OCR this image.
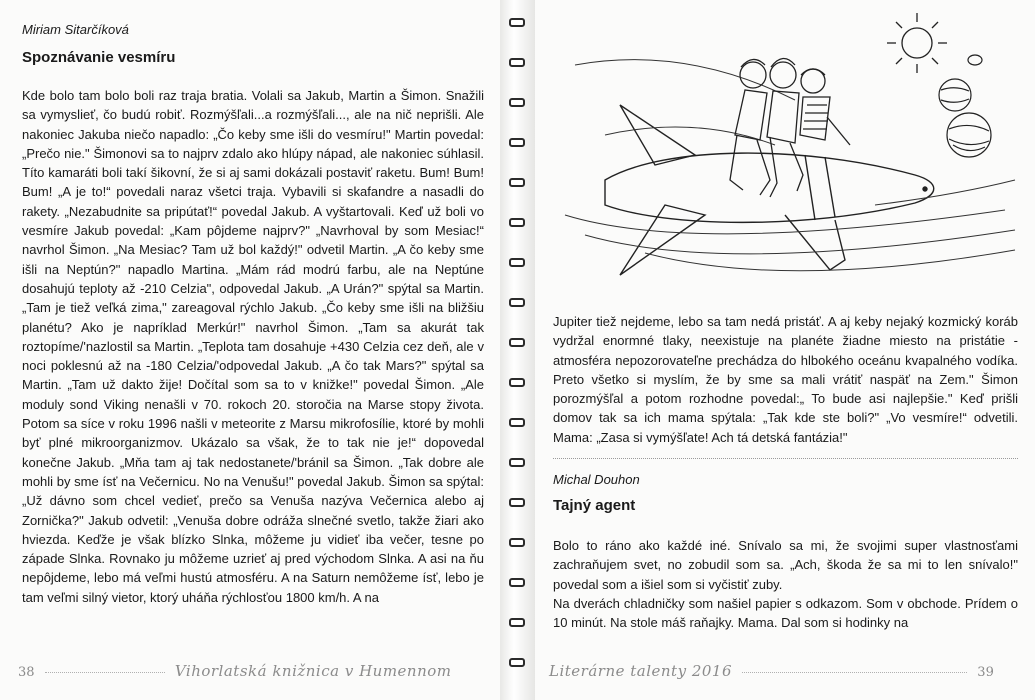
Miriam Sitarčíková
Spoznávanie vesmíru

Kde bolo tam bolo boli raz traja bratia. Volali sa Jakub, Martin a Šimon. Snažili sa vymyslieť, čo budú robiť. Rozmýšľali...a rozmýšľali..., ale na nič neprišli. Ale nakoniec Jakuba niečo napadlo: „Čo keby sme išli do vesmíru!" Martin povedal: „Prečo nie." Šimonovi sa to najprv zdalo ako hlúpy nápad, ale nakoniec súhlasil. Títo kamaráti boli takí šikovní, že si aj sami dokázali postaviť raketu. Bum! Bum! Bum! „A je to!“ povedali naraz všetci traja. Vybavili si skafandre a nasadli do rakety. „Nezabudnite sa pripútať!“ povedal Jakub. A vyštartovali. Keď už boli vo vesmíre Jakub povedal: „Kam pôjdeme najprv?" „Navrhoval by som Mesiac!“ navrhol Šimon. „Na Mesiac? Tam už bol každý!" odvetil Martin. „A čo keby sme išli na Neptún?" napadlo Martina. „Mám rád modrú farbu, ale na Neptúne dosahujú teploty až -210 Celzia", odpovedal Jakub. „A Urán?" spýtal sa Martin. „Tam je tiež veľká zima," zareagoval rýchlo Jakub. „Čo keby sme išli na bližšiu planétu? Ako je napríklad Merkúr!" navrhol Šimon. „Tam sa akurát tak roztopíme/'nazlostil sa Martin. „Teplota tam dosahuje +430 Celzia cez deň, ale v noci poklesnú až na -180 Celzia/'odpovedal Jakub. „A čo tak Mars?" spýtal sa Martin. „Tam už dakto žije! Dočítal som sa to v knižke!" povedal Šimon. „Ale moduly sond Viking nenašli v 70. rokoch 20. storočia na Marse stopy života. Potom sa síce v roku 1996 našli v meteorite z Marsu mikrofosílie, ktoré by mohli byť plné mikroorganizmov. Ukázalo sa však, že to tak nie je!“ dopovedal konečne Jakub. „Mňa tam aj tak nedostanete/'bránil sa Šimon. „Tak dobre ale mohli by sme ísť na Večernicu. No na Venušu!" povedal Jakub. Šimon sa spýtal: „Už dávno som chcel vedieť, prečo sa Venuša nazýva Večernica alebo aj Zornička?" Jakub odvetil: „Venuša dobre odráža slnečné svetlo, takže žiari ako hviezda. Keďže je však blízko Slnka, môžeme ju vidieť iba večer, tesne po západe Slnka. Rovnako ju môžeme uzrieť aj pred východom Slnka. A asi na ňu nepôjdeme, lebo má veľmi hustú atmosféru. A na Saturn nemôžeme ísť, lebo je tam veľmi silný vietor, ktorý uháňa rýchlosťou 1800 km/h. A na

38	Vihorlatská knižnica v Humennom

Jupiter tiež nejdeme, lebo sa tam nedá pristáť. A aj keby nejaký kozmický koráb vydržal enormné tlaky, neexistuje na planéte žiadne miesto na pristátie - atmosféra nepozorovateľne prechádza do hlbokého oceánu kvapalného vodíka. Preto všetko si myslím, že by sme sa mali vrátiť naspäť na Zem." Šimon porozmýšľal a potom rozhodne povedal:„ To bude asi najlepšie." Keď prišli domov tak sa ich mama spýtala: „Tak kde ste boli?" „Vo vesmíre!“ odvetili. Mama: „Zasa si vymýšľate! Ach tá detská fantázia!"

Michal Douhon
Tajný agent

Bolo to ráno ako každé iné. Snívalo sa mi, že svojimi super vlastnosťami zachraňujem svet, no zobudil som sa. „Ach, škoda že sa mi to len snívalo!" povedal som a išiel som si vyčistiť zuby.

Na dverách chladničky som našiel papier s odkazom. Som v obchode. Prídem o 10 minút. Na stole máš raňajky. Mama. Dal som si hodinky na

Literárne talenty 2016	39
